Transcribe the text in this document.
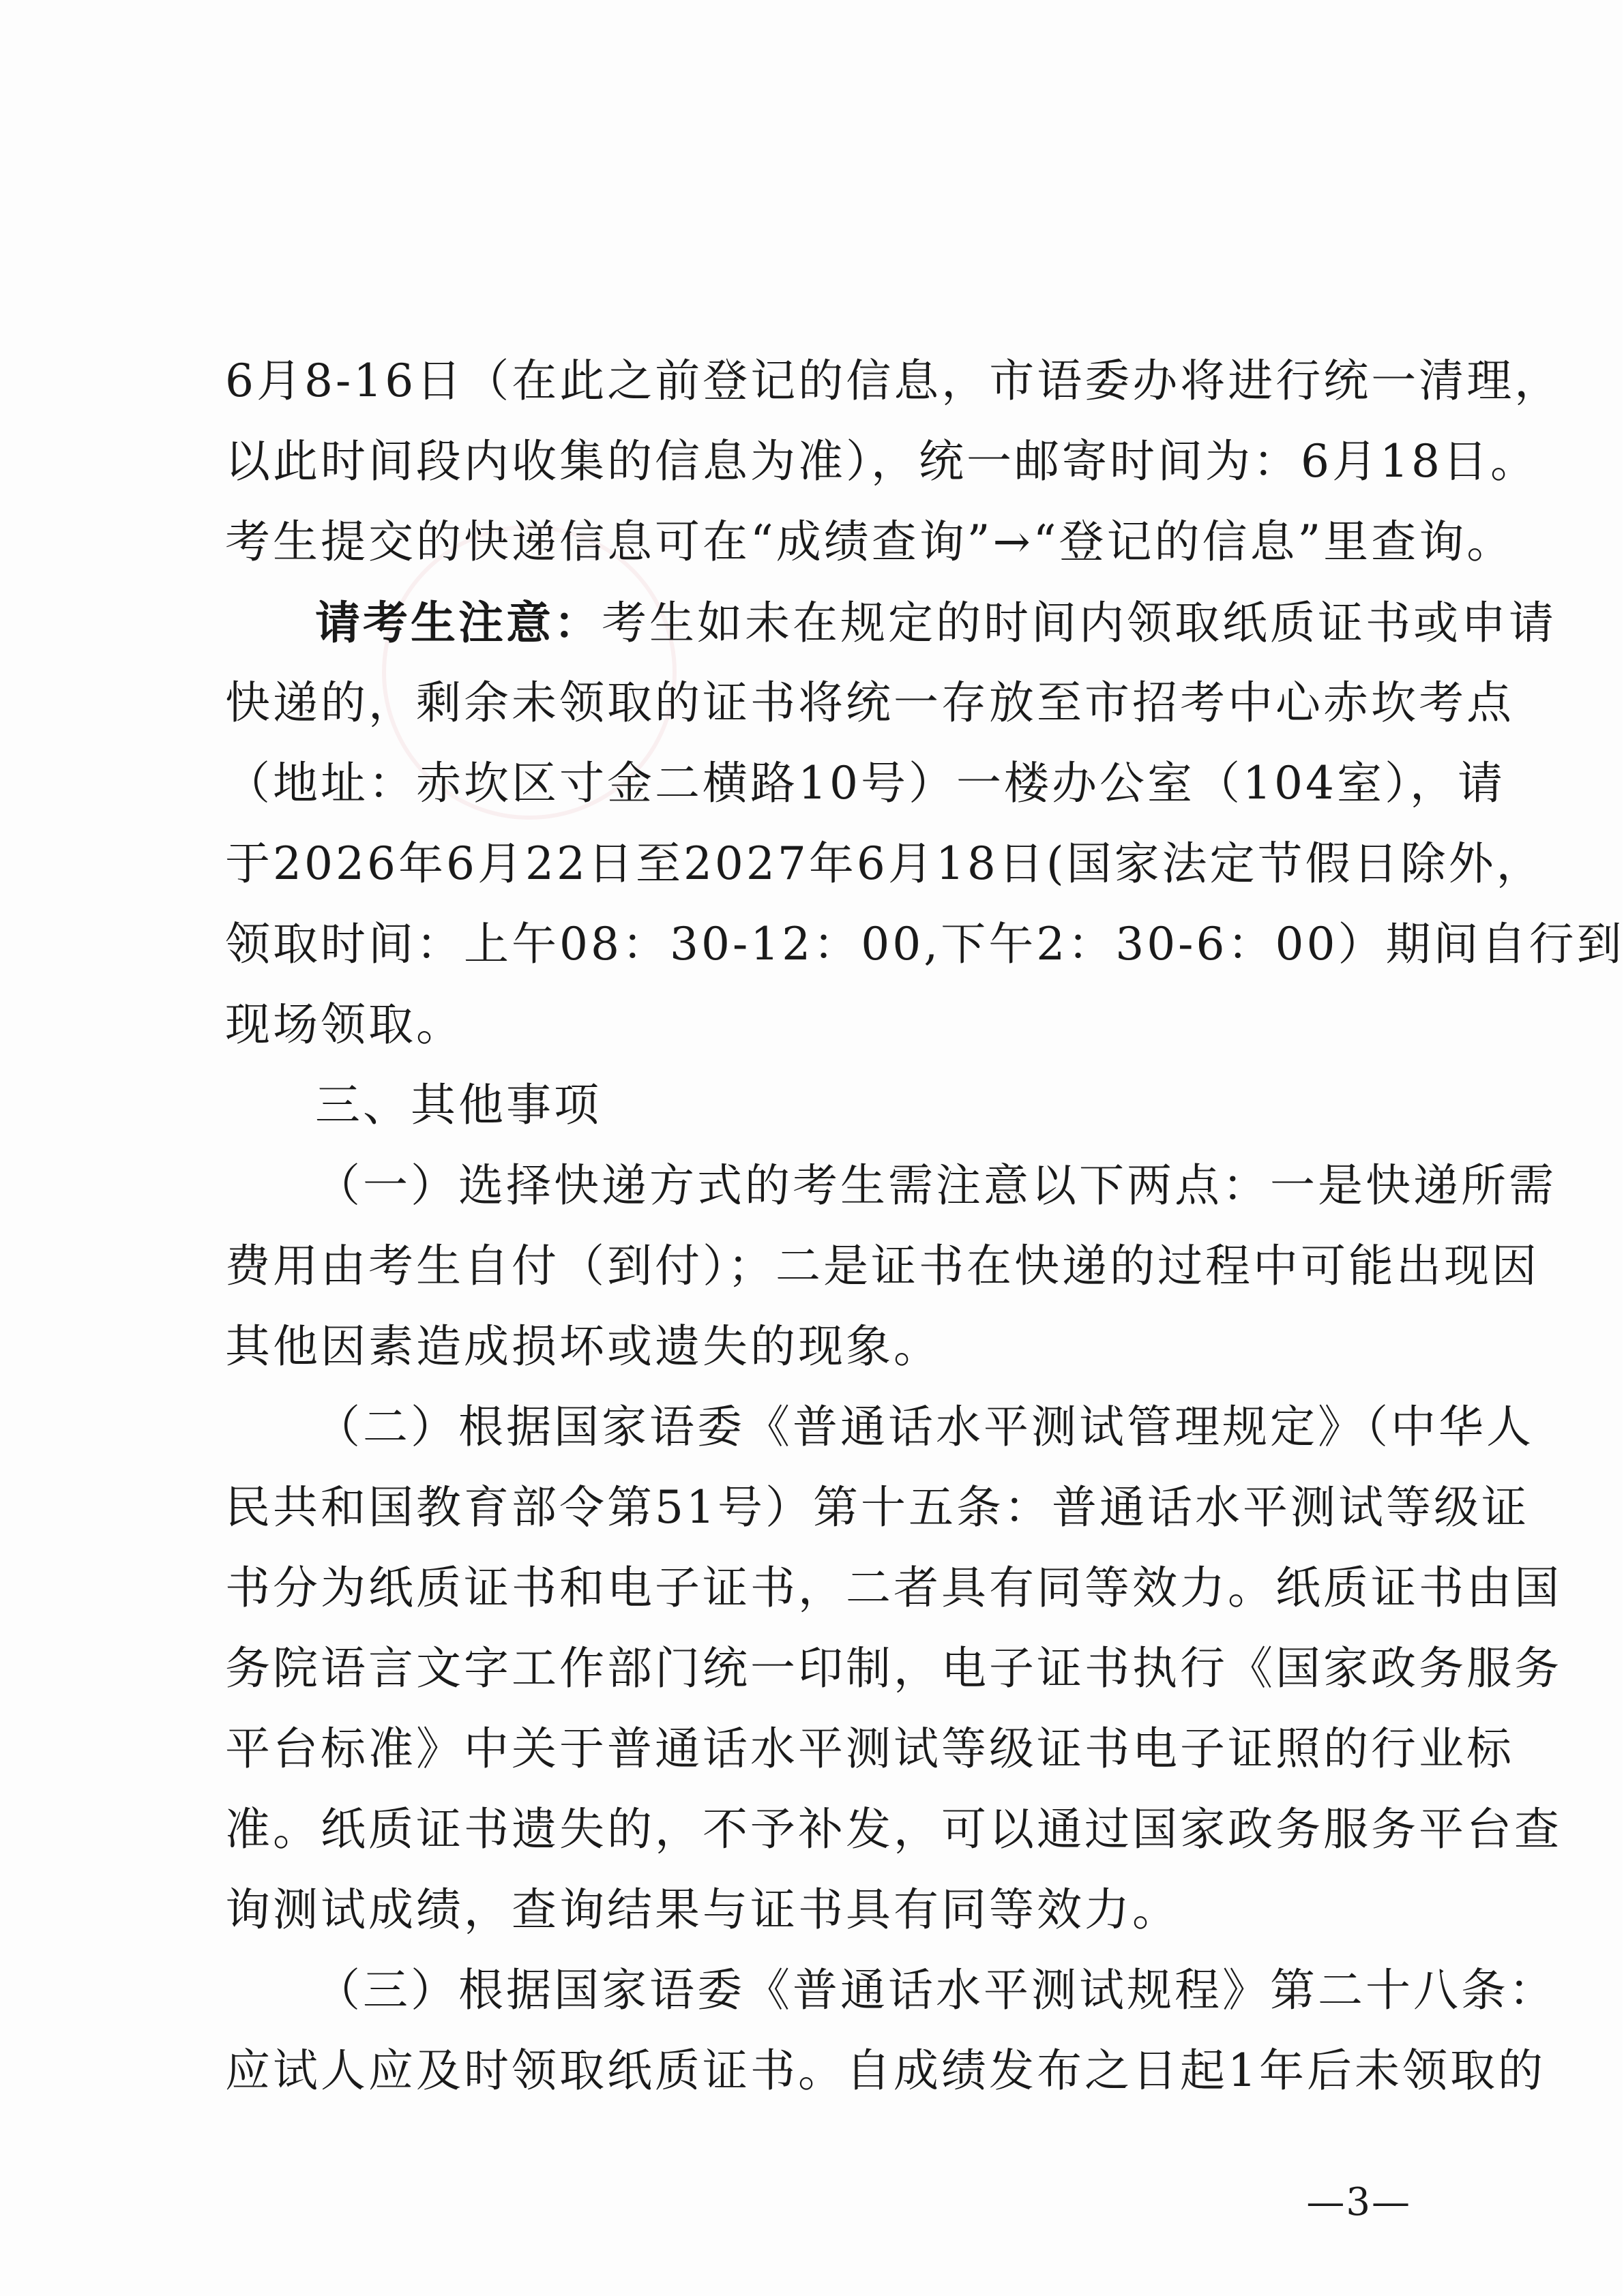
6月8-16日（在此之前登记的信息，市语委办将进行统一清理，
以此时间段内收集的信息为准），统一邮寄时间为：6月18日。
考生提交的快递信息可在“成绩查询”→“登记的信息”里查询。
请考生注意：考生如未在规定的时间内领取纸质证书或申请
快递的，剩余未领取的证书将统一存放至市招考中心赤坎考点
（地址：赤坎区寸金二横路10号）一楼办公室（104室），请
于2026年6月22日至2027年6月18日(国家法定节假日除外，
领取时间：上午08：30-12：00,下午2：30-6：00）期间自行到
现场领取。
三、其他事项
（一）选择快递方式的考生需注意以下两点：一是快递所需
费用由考生自付（到付）；二是证书在快递的过程中可能出现因
其他因素造成损坏或遗失的现象。
（二）根据国家语委《普通话水平测试管理规定》（中华人
民共和国教育部令第51号）第十五条：普通话水平测试等级证
书分为纸质证书和电子证书，二者具有同等效力。纸质证书由国
务院语言文字工作部门统一印制，电子证书执行《国家政务服务
平台标准》中关于普通话水平测试等级证书电子证照的行业标
准。纸质证书遗失的，不予补发，可以通过国家政务服务平台查
询测试成绩，查询结果与证书具有同等效力。
（三）根据国家语委《普通话水平测试规程》第二十八条：
应试人应及时领取纸质证书。自成绩发布之日起1年后未领取的
—3—
